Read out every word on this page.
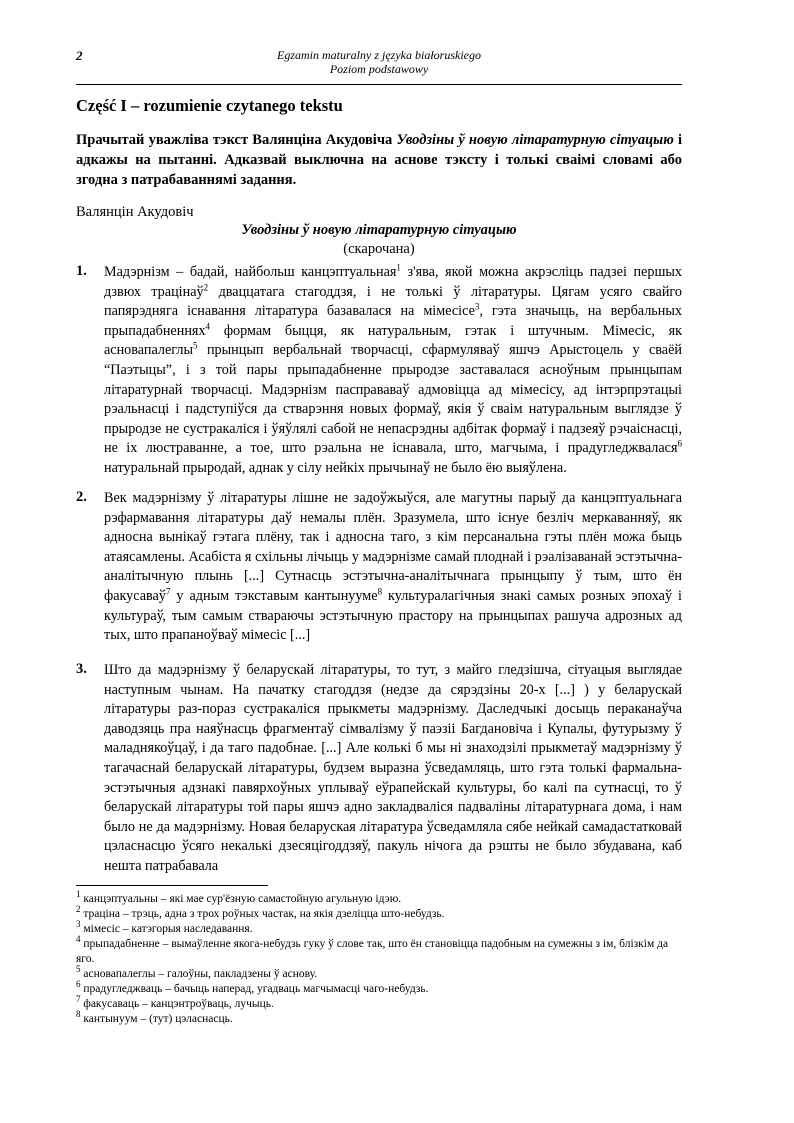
2	Egzamin maturalny z języka białoruskiego
Poziom podstawowy
Część I – rozumienie czytanego tekstu
Прачытай уважліва тэкст Валянціна Акудовіча Уводзіны ў новую літаратурную сітуацыю і адкажы на пытанні. Адказвай выключна на аснове тэксту і толькі сваімі словамі або згодна з патрабаваннямі задання.
Валянцін Акудовіч
Уводзіны ў новую літаратурную сітуацыю
(скарочана)
1. Мадэрнізм – бадай, найбольш канцэптуальная$^1$ з'ява, якой можна акрэсліць падзеі першых дзвюх трацінаў$^2$ дваццатага стагоддзя, і не толькі ў літаратуры. Цягам усяго свайго папярэдняга існавання літаратура базавалася на мімесісе$^3$, гэта значыць, на вербальных прыпадабненнях$^4$ формам быцця, як натуральным, гэтак і штучным. Мімесіс, як асновапалеглы$^5$ прынцып вербальнай творчасці, сфармуляваў яшчэ Арыстоцель у сваёй “Паэтыцы”, і з той пары прыпадабненне прыродзе заставалася асноўным прынцыпам літаратурнай творчасці. Мадэрнізм пасправаваў адмовіцца ад мімесісу, ад інтэрпрэтацыі рэальнасці і падступіўся да стварэння новых формаў, якія ў сваім натуральным выглядзе ў прыродзе не сустракаліся і ўяўлялі сабой не непасрэдны адбітак формаў і падзеяў рэчаіснасці, не іх люстраванне, а тое, што рэальна не існавала, што, магчыма, і прадугледжвалася$^6$ натуральнай прыродай, аднак у сілу нейкіх прычынаў не было ёю выяўлена.
2. Век мадэрнізму ў літаратуры лішне не задоўжыўся, але магутны парыў да канцэптуальнага рэфармавання літаратуры даў немалы плён. Зразумела, што існуе безліч меркаванняў, як адносна вынікаў гэтага плёну, так і адносна таго, з кім персанальна гэты плён можа быць атаясамлены. Асабіста я схільны лічыць у мадэрнізме самай плоднай і рэалізаванай эстэтычна-аналітычную плынь [...] Сутнасць эстэтычна-аналітычнага прынцыпу ў тым, што ён факусаваў$^7$ у адным тэкставым кантынууме$^8$ культуралагічныя знакі самых розных эпохаў і культураў, тым самым ствараючы эстэтычную прастору на прынцыпах рашуча адрозных ад тых, што прапаноўваў мімесіс [...]
3. Што да мадэрнізму ў беларускай літаратуры, то тут, з майго гледзішча, сітуацыя выглядае наступным чынам. На пачатку стагоддзя (недзе да сярэдзіны 20-х [...] ) у беларускай літаратуры раз-пораз сустракаліся прыкметы мадэрнізму. Даследчыкі досыць пераканаўча даводзяць пра наяўнасць фрагментаў сімвалізму ў паэзіі Багдановіча і Купалы, футурызму ў маладнякоўцаў, і да таго падобнае. [...] Але колькі б мы ні знаходзілі прыкметаў мадэрнізму ў тагачаснай беларускай літаратуры, будзем выразна ўсведамляць, што гэта толькі фармальна-эстэтычныя адзнакі павярхоўных уплываў еўрапейскай культуры, бо калі па сутнасці, то ў беларускай літаратуры той пары яшчэ адно закладваліся падваліны літаратурнага дома, і нам было не да мадэрнізму. Новая беларуская літаратура ўсведамляла сябе нейкай самадастатковай цэласнасцю ўсяго некалькі дзесяцігоддзяў, пакуль нічога да рэшты не было збудавана, каб нешта патрабавала
$^1$ канцэптуальны – які мае сур'ёзную самастойную агульную ідэю.
$^2$ траціна – трэць, адна з трох роўных частак, на якія дзеліцца што-небудзь.
$^3$ мімесіс – катэгорыя наследавання.
$^4$ прыпадабненне – вымаўленне якога-небудзь гуку ў слове так, што ён становіцца падобным на сумежны з ім, блізкім да яго.
$^5$ асновапалеглы – галоўны, пакладзены ў аснову.
$^6$ прадугледжваць – бачыць наперад, угадваць магчымасці чаго-небудзь.
$^7$ факусаваць – канцэнтроўваць, лучыць.
$^8$ кантынуум – (тут) цэласнасць.
